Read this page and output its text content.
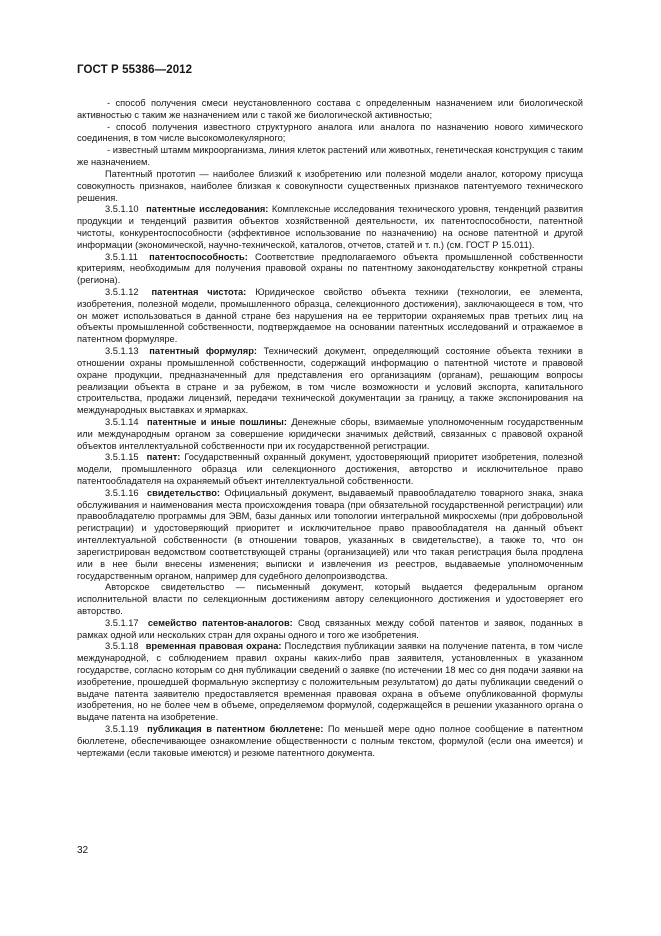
ГОСТ Р 55386—2012

- способ получения смеси неустановленного состава с определенным назначением или биологической активностью с таким же назначением или с такой же биологической активностью;

- способ получения известного структурного аналога или аналога по назначению нового химического соединения, в том числе высокомолекулярного;

- известный штамм микроорганизма, линия клеток растений или животных, генетическая конструкция с таким же назначением.

Патентный прототип — наиболее близкий к изобретению или полезной модели аналог, которому присуща совокупность признаков, наиболее близкая к совокупности существенных признаков патентуемого технического решения.

3.5.1.10 патентные исследования: Комплексные исследования технического уровня, тенденций развития продукции и тенденций развития объектов хозяйственной деятельности, их патентоспособности, патентной чистоты, конкурентоспособности (эффективное использование по назначению) на основе патентной и другой информации (экономической, научно-технической, каталогов, отчетов, статей и т. п.) (см. ГОСТ Р 15.011).

3.5.1.11 патентоспособность: Соответствие предполагаемого объекта промышленной собственности критериям, необходимым для получения правовой охраны по патентному законодательству конкретной страны (региона).

3.5.1.12 патентная чистота: Юридическое свойство объекта техники (технологии, ее элемента, изобретения, полезной модели, промышленного образца, селекционного достижения), заключающееся в том, что он может использоваться в данной стране без нарушения на ее территории охраняемых прав третьих лиц на объекты промышленной собственности, подтверждаемое на основании патентных исследований и отражаемое в патентном формуляре.

3.5.1.13 патентный формуляр: Технический документ, определяющий состояние объекта техники в отношении охраны промышленной собственности, содержащий информацию о патентной чистоте и правовой охране продукции, предназначенный для представления его организациям (органам), решающим вопросы реализации объекта в стране и за рубежом, в том числе возможности и условий экспорта, капитального строительства, продажи лицензий, передачи технической документации за границу, а также экспонирования на международных выставках и ярмарках.

3.5.1.14 патентные и иные пошлины: Денежные сборы, взимаемые уполномоченным государственным или международным органом за совершение юридически значимых действий, связанных с правовой охраной объектов интеллектуальной собственности при их государственной регистрации.

3.5.1.15 патент: Государственный охранный документ, удостоверяющий приоритет изобретения, полезной модели, промышленного образца или селекционного достижения, авторство и исключительное право патентообладателя на охраняемый объект интеллектуальной собственности.

3.5.1.16 свидетельство: Официальный документ, выдаваемый правообладателю товарного знака, знака обслуживания и наименования места происхождения товара (при обязательной государственной регистрации) или правообладателю программы для ЭВМ, базы данных или топологии интегральной микросхемы (при добровольной регистрации) и удостоверяющий приоритет и исключительное право правообладателя на данный объект интеллектуальной собственности (в отношении товаров, указанных в свидетельстве), а также то, что он зарегистрирован ведомством соответствующей страны (организацией) или что такая регистрация была продлена или в нее были внесены изменения; выписки и извлечения из реестров, выдаваемые уполномоченным государственным органом, например для судебного делопроизводства.

Авторское свидетельство — письменный документ, который выдается федеральным органом исполнительной власти по селекционным достижениям автору селекционного достижения и удостоверяет его авторство.

3.5.1.17 семейство патентов-аналогов: Свод связанных между собой патентов и заявок, поданных в рамках одной или нескольких стран для охраны одного и того же изобретения.

3.5.1.18 временная правовая охрана: Последствия публикации заявки на получение патента, в том числе международной, с соблюдением правил охраны каких-либо прав заявителя, установленных в указанном государстве, согласно которым со дня публикации сведений о заявке (по истечении 18 мес со дня подачи заявки на изобретение, прошедшей формальную экспертизу с положительным результатом) до даты публикации сведений о выдаче патента заявителю предоставляется временная правовая охрана в объеме опубликованной формулы изобретения, но не более чем в объеме, определяемом формулой, содержащейся в решении указанного органа о выдаче патента на изобретение.

3.5.1.19 публикация в патентном бюллетене: По меньшей мере одно полное сообщение в патентном бюллетене, обеспечивающее ознакомление общественности с полным текстом, формулой (если она имеется) и чертежами (если таковые имеются) и резюме патентного документа.

32
